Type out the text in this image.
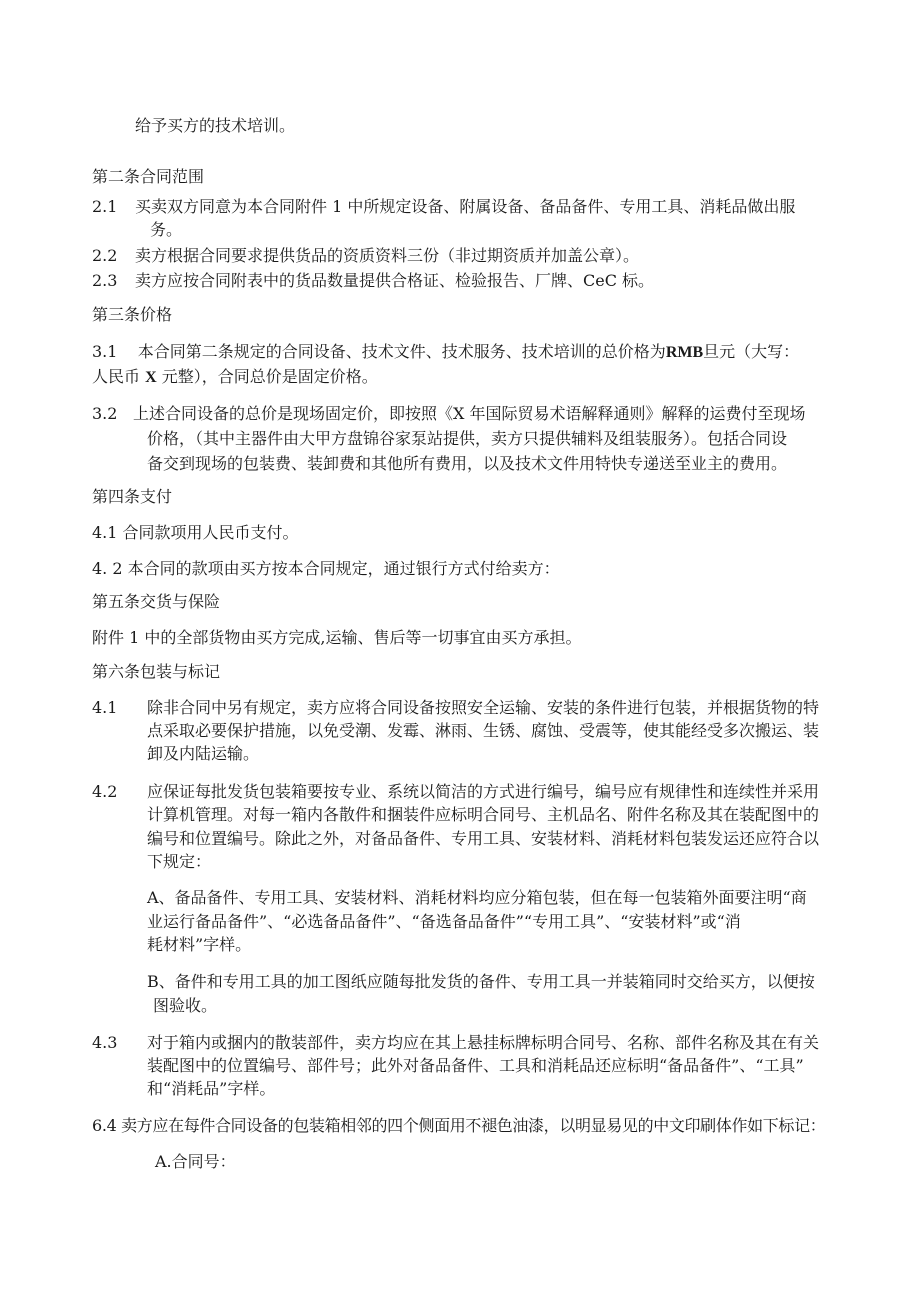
给予买方的技术培训。
第二条合同范围
2.1 买卖双方同意为本合同附件 1 中所规定设备、附属设备、备品备件、专用工具、消耗品做出服
务。
2.2 卖方根据合同要求提供货品的资质资料三份（非过期资质并加盖公章）。
2.3 卖方应按合同附表中的货品数量提供合格证、检验报告、厂牌、CeC 标。
第三条价格
3.1 本合同第二条规定的合同设备、技术文件、技术服务、技术培训的总价格为RMB旦元（大写：
人民币 X 元整），合同总价是固定价格。
3.2 上述合同设备的总价是现场固定价，即按照《X 年国际贸易术语解释通则》解释的运费付至现场
价格，（其中主器件由大甲方盘锦谷家泵站提供，卖方只提供辅料及组装服务）。包括合同设
备交到现场的包装费、装卸费和其他所有费用，以及技术文件用特快专递送至业主的费用。
第四条支付
4.1 合同款项用人民币支付。
4. 2 本合同的款项由买方按本合同规定，通过银行方式付给卖方：
第五条交货与保险
附件 1 中的全部货物由买方完成,运输、售后等一切事宜由买方承担。
第六条包装与标记
4.1 除非合同中另有规定，卖方应将合同设备按照安全运输、安装的条件进行包装，并根据货物的特
点采取必要保护措施，以免受潮、发霉、淋雨、生锈、腐蚀、受震等，使其能经受多次搬运、装
卸及内陆运输。
4.2 应保证每批发货包装箱要按专业、系统以简洁的方式进行编号，编号应有规律性和连续性并采用
计算机管理。对每一箱内各散件和捆装件应标明合同号、主机品名、附件名称及其在装配图中的
编号和位置编号。除此之外，对备品备件、专用工具、安装材料、消耗材料包装发运还应符合以
下规定：
A、备品备件、专用工具、安装材料、消耗材料均应分箱包装，但在每一包装箱外面要注明“商
业运行备品备件”、“必选备品备件”、“备选备品备件”“专用工具”、“安装材料”或“消
耗材料”字样。
B、备件和专用工具的加工图纸应随每批发货的备件、专用工具一并装箱同时交给买方，以便按
图验收。
4.3 对于箱内或捆内的散装部件，卖方均应在其上悬挂标牌标明合同号、名称、部件名称及其在有关
装配图中的位置编号、部件号；此外对备品备件、工具和消耗品还应标明“备品备件”、“工具”
和“消耗品”字样。
6.4 卖方应在每件合同设备的包装箱相邻的四个侧面用不褪色油漆，以明显易见的中文印刷体作如下标记：
A.合同号：
